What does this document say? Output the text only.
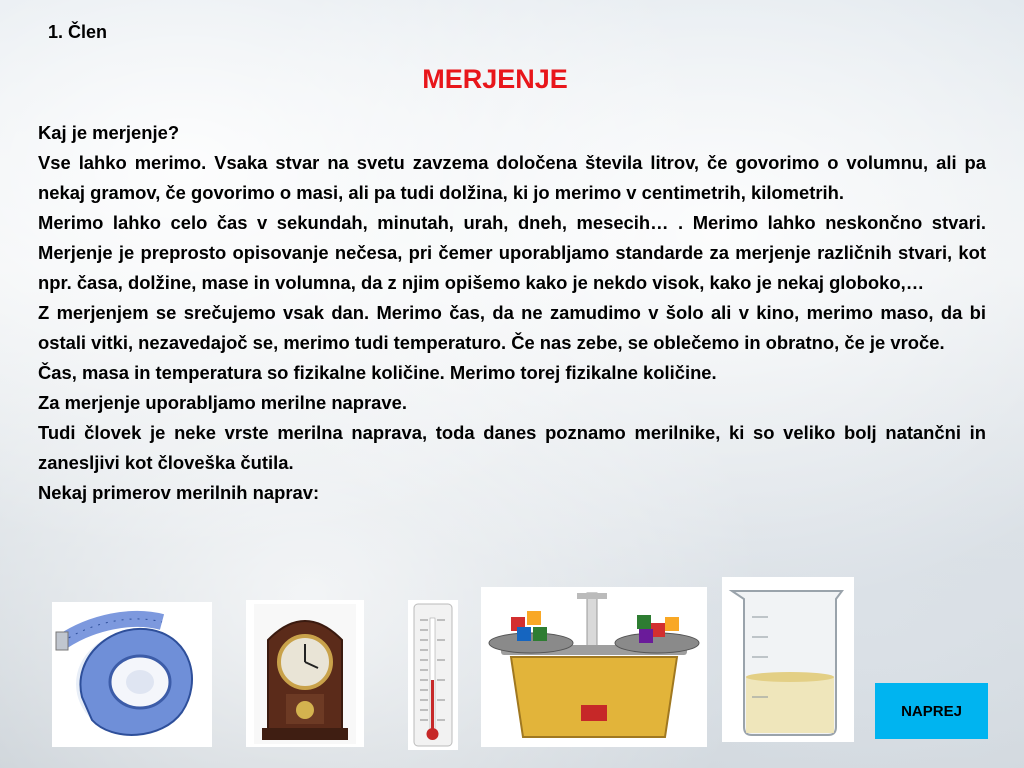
1. Člen
MERJENJE

Kaj je merjenje?

Vse lahko merimo. Vsaka stvar na svetu zavzema določena števila litrov, če govorimo o volumnu, ali pa nekaj gramov, če govorimo o masi, ali pa tudi dolžina, ki jo merimo v centimetrih, kilometrih.

Merimo lahko celo čas v sekundah, minutah, urah, dneh, mesecih… . Merimo lahko neskončno stvari. Merjenje je preprosto opisovanje nečesa, pri čemer uporabljamo standarde za merjenje različnih stvari, kot npr. časa, dolžine, mase in volumna, da z njim opišemo kako je nekdo visok, kako je nekaj globoko,…

Z merjenjem se srečujemo vsak dan. Merimo čas, da ne zamudimo v šolo ali v kino, merimo maso, da bi ostali vitki, nezavedajoč se, merimo tudi temperaturo. Če nas zebe, se oblečemo in obratno, če je vroče.

Čas, masa in temperatura so fizikalne količine. Merimo torej fizikalne količine.

Za merjenje uporabljamo merilne naprave.

Tudi človek je neke vrste merilna naprava, toda danes poznamo merilnike, ki so veliko bolj natančni in zanesljivi kot človeška čutila.

Nekaj primerov merilnih naprav:

NAPREJ
